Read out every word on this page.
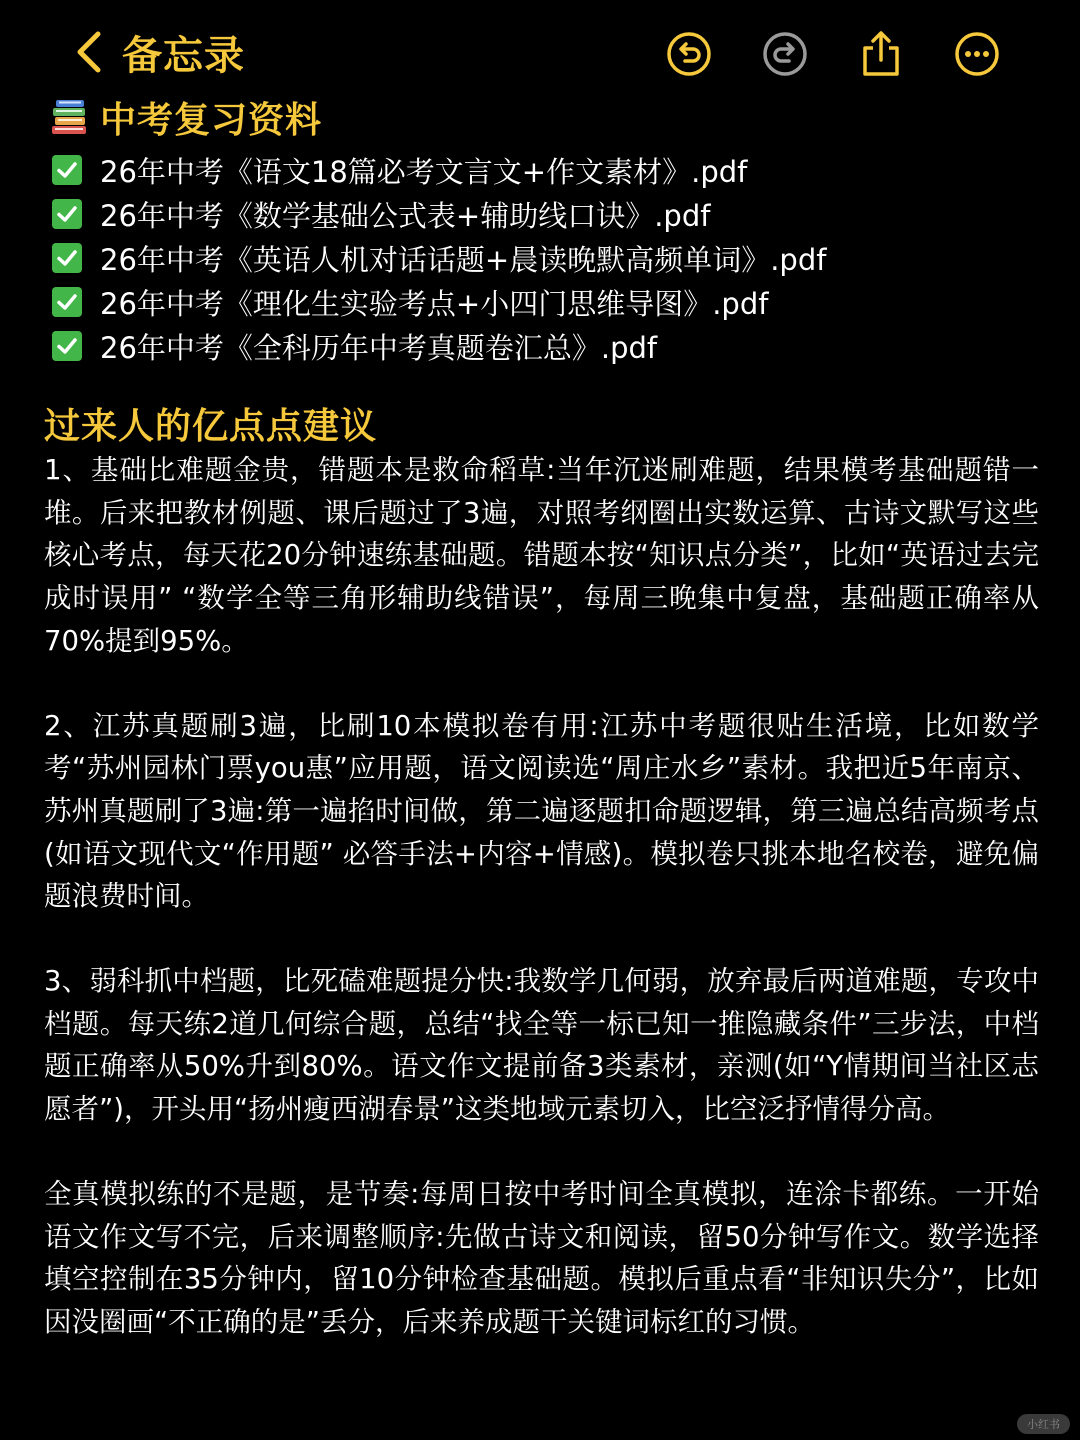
备忘录
中考复习资料
26年中考《语文18篇必考文言文+作文素材》.pdf
26年中考《数学基础公式表+辅助线口诀》.pdf
26年中考《英语人机对话话题+晨读晚默高频单词》.pdf
26年中考《理化生实验考点+小四门思维导图》.pdf
26年中考《全科历年中考真题卷汇总》.pdf
过来人的亿点点建议

1、基础比难题金贵，错题本是救命稻草:当年沉迷刷难题，结果模考基础题错一堆。后来把教材例题、课后题过了3遍，对照考纲圈出实数运算、古诗文默写这些核心考点，每天花20分钟速练基础题。错题本按“知识点分类”，比如“英语过去完成时误用” “数学全等三角形辅助线错误”，每周三晚集中复盘，基础题正确率从70%提到95%。

2、江苏真题刷3遍，比刷10本模拟卷有用:江苏中考题很贴生活境，比如数学考“苏州园林门票you惠”应用题，语文阅读选“周庄水乡”素材。我把近5年南京、苏州真题刷了3遍:第一遍掐时间做，第二遍逐题扣命题逻辑，第三遍总结高频考点(如语文现代文“作用题” 必答手法+内容+情感)。模拟卷只挑本地名校卷，避免偏题浪费时间。

3、弱科抓中档题，比死磕难题提分快:我数学几何弱，放弃最后两道难题，专攻中档题。每天练2道几何综合题，总结“找全等一标已知一推隐藏条件”三步法，中档题正确率从50%升到80%。语文作文提前备3类素材，亲测(如“Y情期间当社区志愿者”)，开头用“扬州瘦西湖春景”这类地域元素切入，比空泛抒情得分高。

全真模拟练的不是题，是节奏:每周日按中考时间全真模拟，连涂卡都练。一开始语文作文写不完，后来调整顺序:先做古诗文和阅读，留50分钟写作文。数学选择填空控制在35分钟内，留10分钟检查基础题。模拟后重点看“非知识失分”，比如因没圈画“不正确的是”丢分，后来养成题干关键词标红的习惯。

小红书
